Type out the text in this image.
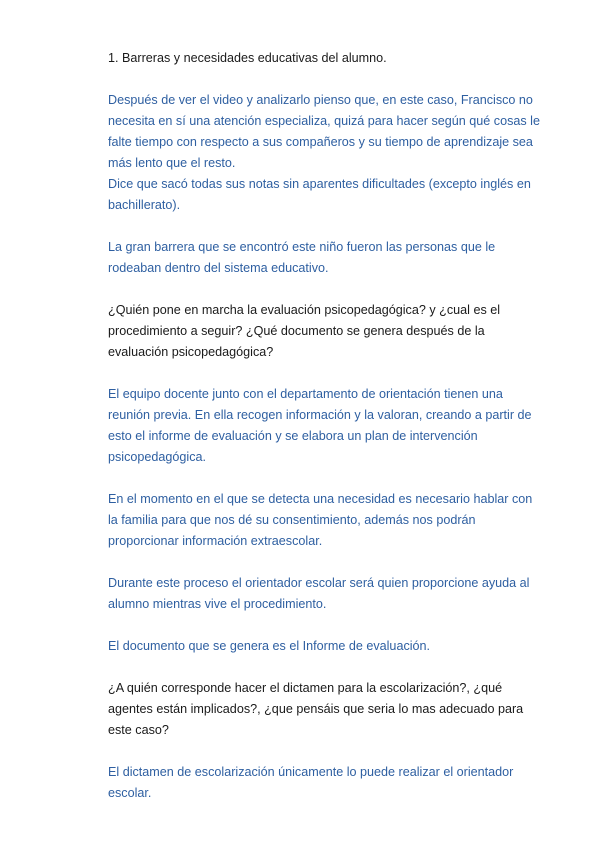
1. Barreras y necesidades educativas del alumno.
Después de ver el video y analizarlo pienso que, en este caso, Francisco no
necesita en sí una atención especializa, quizá para hacer según qué cosas le
falte tiempo con respecto a sus compañeros y su tiempo de aprendizaje sea
más lento que el resto.
Dice que sacó todas sus notas sin aparentes dificultades (excepto inglés en
bachillerato).
La gran barrera que se encontró este niño fueron las personas que le
rodeaban dentro del sistema educativo.
¿Quién pone en marcha la evaluación psicopedagógica? y ¿cual es el
procedimiento a seguir? ¿Qué documento se genera después de la
evaluación psicopedagógica?
El equipo docente junto con el departamento de orientación tienen una
reunión previa. En ella recogen información y la valoran, creando a partir de
esto el informe de evaluación y se elabora un plan de intervención
psicopedagógica.
En el momento en el que se detecta una necesidad es necesario hablar con
la familia para que nos dé su consentimiento, además nos podrán
proporcionar información extraescolar.
Durante este proceso el orientador escolar será quien proporcione ayuda al
alumno mientras vive el procedimiento.
El documento que se genera es el Informe de evaluación.
¿A quién corresponde hacer el dictamen para la escolarización?, ¿qué
agentes están implicados?, ¿que pensáis que seria lo mas adecuado para
este caso?
El dictamen de escolarización únicamente lo puede realizar el orientador
escolar.
